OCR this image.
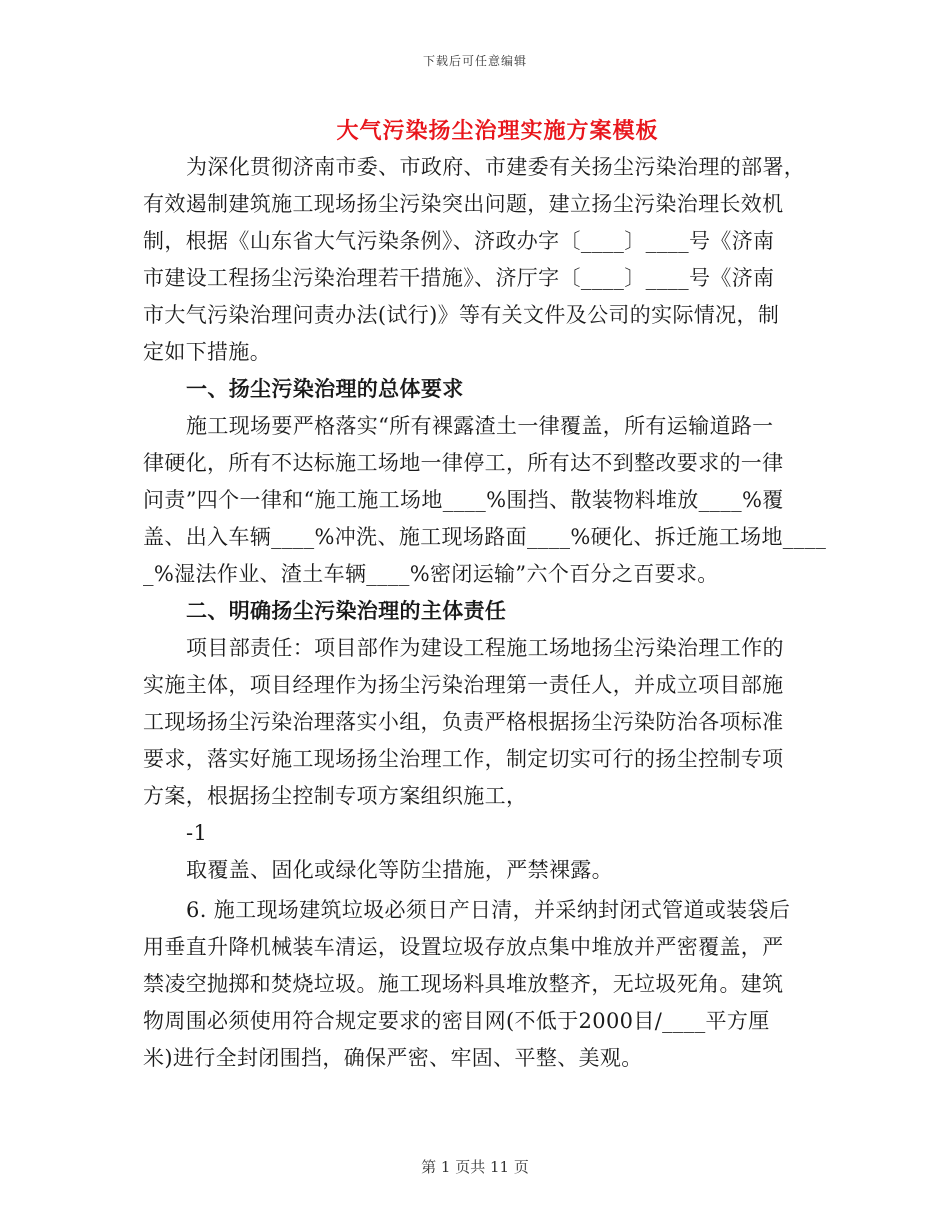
下载后可任意编辑
大气污染扬尘治理实施方案模板
为深化贯彻济南市委、市政府、市建委有关扬尘污染治理的部署，
有效遏制建筑施工现场扬尘污染突出问题，建立扬尘污染治理长效机
制，根据《山东省大气污染条例》、济政办字〔____〕____号《济南
市建设工程扬尘污染治理若干措施》、济厅字〔____〕____号《济南
市大气污染治理问责办法(试行)》等有关文件及公司的实际情况，制
定如下措施。
一、扬尘污染治理的总体要求
施工现场要严格落实“所有裸露渣土一律覆盖，所有运输道路一
律硬化，所有不达标施工场地一律停工，所有达不到整改要求的一律
问责”四个一律和“施工施工场地____%围挡、散装物料堆放____%覆
盖、出入车辆____%冲洗、施工现场路面____%硬化、拆迁施工场地____
_%湿法作业、渣土车辆____%密闭运输”六个百分之百要求。
二、明确扬尘污染治理的主体责任
项目部责任：项目部作为建设工程施工场地扬尘污染治理工作的
实施主体，项目经理作为扬尘污染治理第一责任人，并成立项目部施
工现场扬尘污染治理落实小组，负责严格根据扬尘污染防治各项标准
要求，落实好施工现场扬尘治理工作，制定切实可行的扬尘控制专项
方案，根据扬尘控制专项方案组织施工，
-1
取覆盖、固化或绿化等防尘措施，严禁裸露。
6. 施工现场建筑垃圾必须日产日清，并采纳封闭式管道或装袋后
用垂直升降机械装车清运，设置垃圾存放点集中堆放并严密覆盖，严
禁凌空抛掷和焚烧垃圾。施工现场料具堆放整齐，无垃圾死角。建筑
物周围必须使用符合规定要求的密目网(不低于2000目/____平方厘
米)进行全封闭围挡，确保严密、牢固、平整、美观。
第 1 页共 11 页
